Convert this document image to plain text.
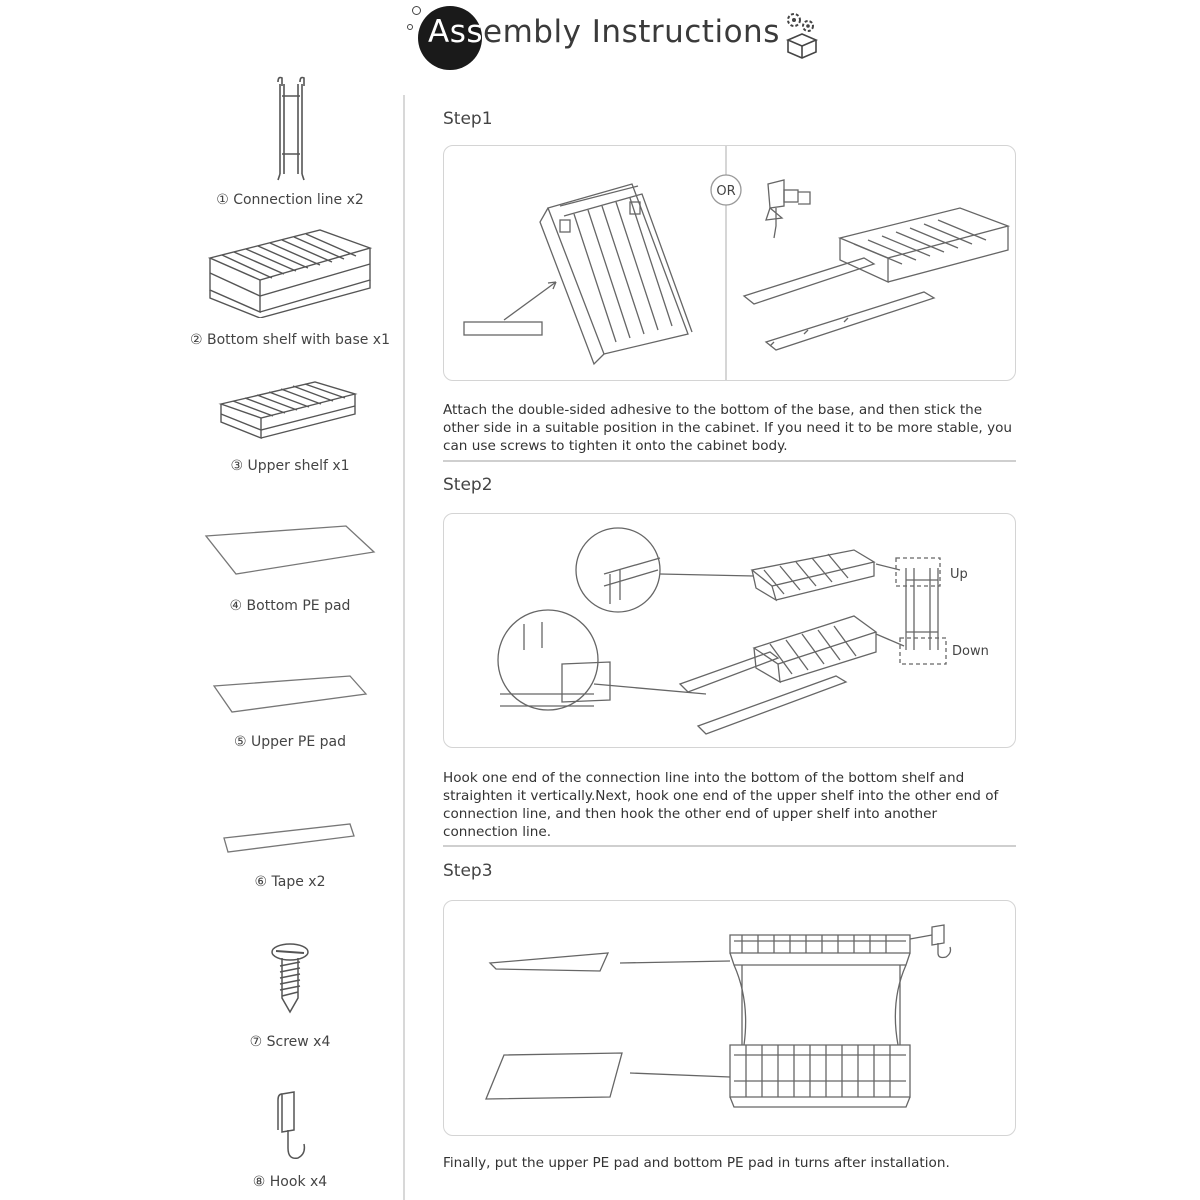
Assembly Instructions
① Connection line x2
② Bottom shelf with base x1
③ Upper shelf x1
④ Bottom PE pad
⑤ Upper PE pad
⑥ Tape x2
⑦ Screw x4
⑧ Hook x4
Step1
OR
Attach the double-sided adhesive to the bottom of the base, and then stick the other side in a suitable position in the cabinet. If you need it to be more stable, you can use screws to tighten it onto the cabinet body.
Step2
Up
Down
Hook one end of the connection line into the bottom of the bottom shelf and straighten it vertically.Next, hook one end of the upper shelf into the other end of connection line, and then hook the other end of upper shelf into another connection line.
Step3
Finally, put the upper PE pad and bottom PE pad in turns after installation.
